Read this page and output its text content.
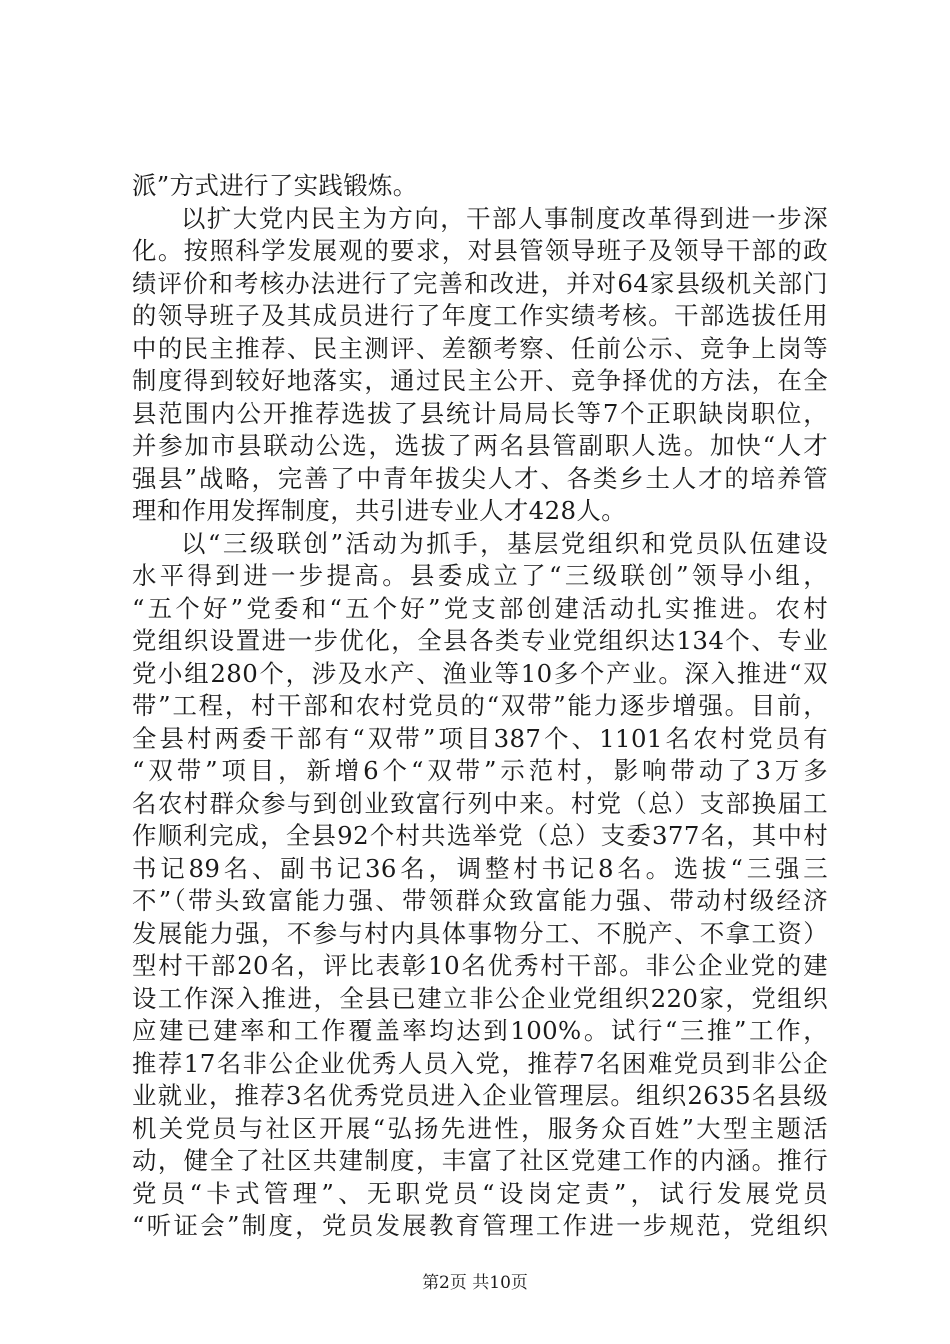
派”方式进行了实践锻炼。
以扩大党内民主为方向，干部人事制度改革得到进一步深
化。按照科学发展观的要求，对县管领导班子及领导干部的政
绩评价和考核办法进行了完善和改进，并对64家县级机关部门
的领导班子及其成员进行了年度工作实绩考核。干部选拔任用
中的民主推荐、民主测评、差额考察、任前公示、竞争上岗等
制度得到较好地落实，通过民主公开、竞争择优的方法，在全
县范围内公开推荐选拔了县统计局局长等7个正职缺岗职位，
并参加市县联动公选，选拔了两名县管副职人选。加快“人才
强县”战略，完善了中青年拔尖人才、各类乡土人才的培养管
理和作用发挥制度，共引进专业人才428人。
以“三级联创”活动为抓手，基层党组织和党员队伍建设
水平得到进一步提高。县委成立了“三级联创”领导小组，
“五个好”党委和“五个好”党支部创建活动扎实推进。农村
党组织设置进一步优化，全县各类专业党组织达134个、专业
党小组280个，涉及水产、渔业等10多个产业。深入推进“双
带”工程，村干部和农村党员的“双带”能力逐步增强。目前，
全县村两委干部有“双带”项目387个、1101名农村党员有
“双带”项目，新增6个“双带”示范村，影响带动了3万多
名农村群众参与到创业致富行列中来。村党（总）支部换届工
作顺利完成，全县92个村共选举党（总）支委377名，其中村
书记89名、副书记36名，调整村书记8名。选拔“三强三
不”（带头致富能力强、带领群众致富能力强、带动村级经济
发展能力强，不参与村内具体事物分工、不脱产、不拿工资）
型村干部20名，评比表彰10名优秀村干部。非公企业党的建
设工作深入推进，全县已建立非公企业党组织220家，党组织
应建已建率和工作覆盖率均达到100%。试行“三推”工作，
推荐17名非公企业优秀人员入党，推荐7名困难党员到非公企
业就业，推荐3名优秀党员进入企业管理层。组织2635名县级
机关党员与社区开展“弘扬先进性，服务众百姓”大型主题活
动，健全了社区共建制度，丰富了社区党建工作的内涵。推行
党员“卡式管理”、无职党员“设岗定责”，试行发展党员
“听证会”制度，党员发展教育管理工作进一步规范，党组织
第2页 共10页
